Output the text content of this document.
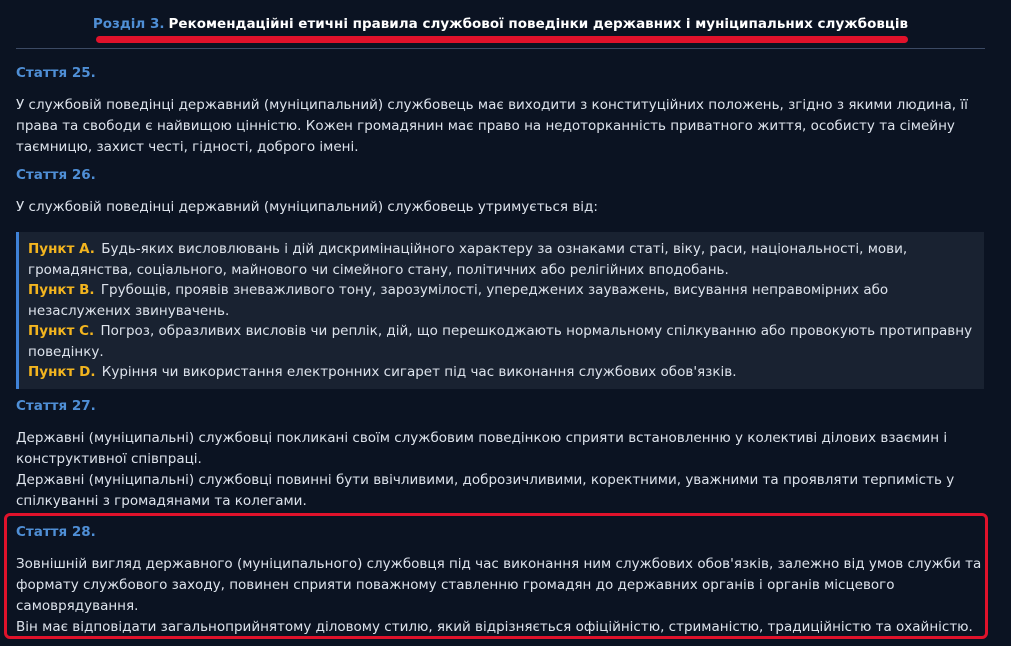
Розділ 3. Рекомендаційні етичні правила службової поведінки державних і муніципальних службовців
Стаття 25.

У службовій поведінці державний (муніципальний) службовець має виходити з конституційних положень, згідно з якими людина, її права та свободи є найвищою цінністю. Кожен громадянин має право на недоторканність приватного життя, особисту та сімейну таємницю, захист честі, гідності, доброго імені.

Стаття 26.

У службовій поведінці державний (муніципальний) службовець утримується від:

Пункт A. Будь-яких висловлювань і дій дискримінаційного характеру за ознаками статі, віку, раси, національності, мови, громадянства, соціального, майнового чи сімейного стану, політичних або релігійних вподобань.

Пункт B. Грубощів, проявів зневажливого тону, зарозумілості, упереджених зауважень, висування неправомірних або незаслужених звинувачень.

Пункт C. Погроз, образливих висловів чи реплік, дій, що перешкоджають нормальному спілкуванню або провокують протиправну поведінку.

Пункт D. Куріння чи використання електронних сигарет під час виконання службових обов'язків.

Стаття 27.

Державні (муніципальні) службовці покликані своїм службовим поведінкою сприяти встановленню у колективі ділових взаємин і конструктивної співпраці.

Державні (муніципальні) службовці повинні бути ввічливими, доброзичливими, коректними, уважними та проявляти терпимість у спілкуванні з громадянами та колегами.

Стаття 28.

Зовнішній вигляд державного (муніципального) службовця під час виконання ним службових обов'язків, залежно від умов служби та формату службового заходу, повинен сприяти поважному ставленню громадян до державних органів і органів місцевого самоврядування.

Він має відповідати загальноприйнятому діловому стилю, який відрізняється офіційністю, стриманістю, традиційністю та охайністю.
